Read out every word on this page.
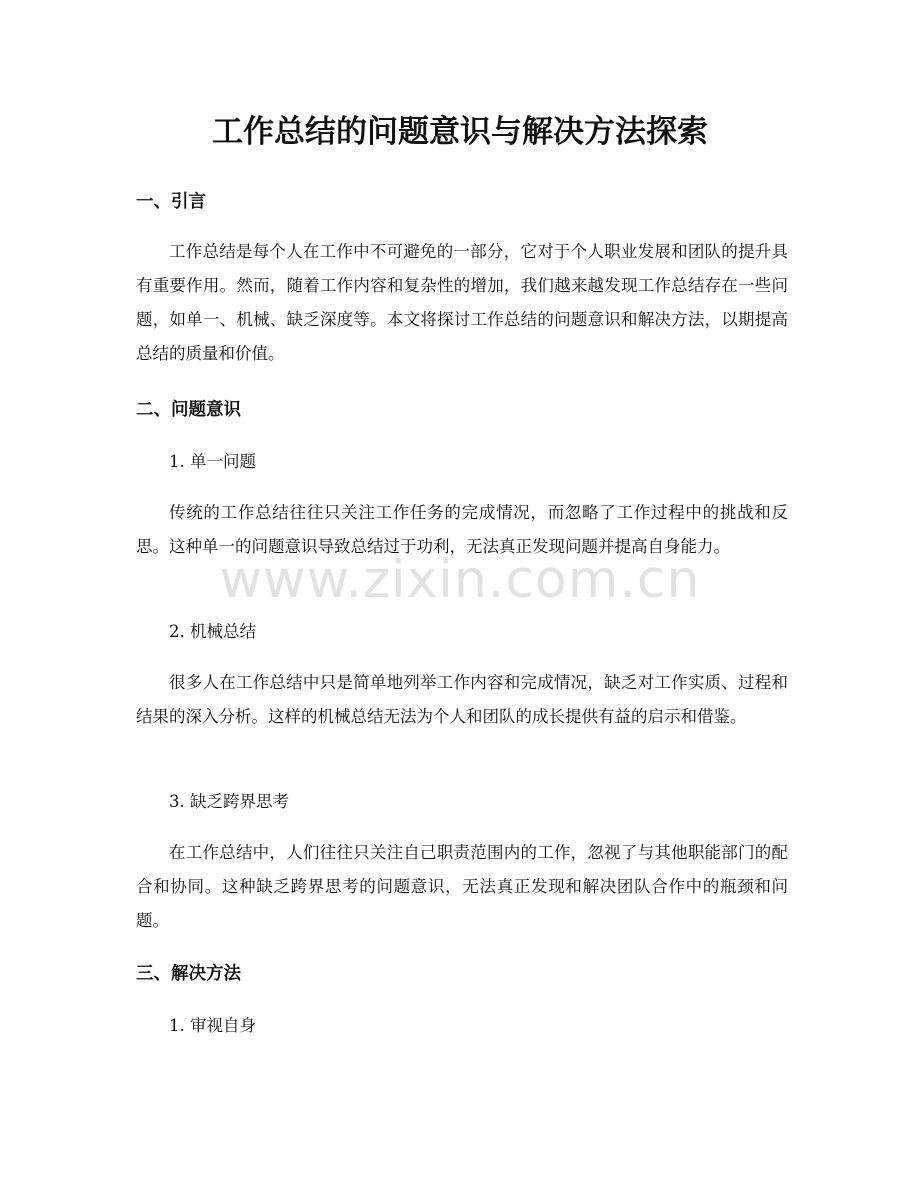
工作总结的问题意识与解决方法探索
一、引言

工作总结是每个人在工作中不可避免的一部分，它对于个人职业发展和团队的提升具有重要作用。然而，随着工作内容和复杂性的增加，我们越来越发现工作总结存在一些问题，如单一、机械、缺乏深度等。本文将探讨工作总结的问题意识和解决方法，以期提高总结的质量和价值。

二、问题意识

1. 单一问题

传统的工作总结往往只关注工作任务的完成情况，而忽略了工作过程中的挑战和反思。这种单一的问题意识导致总结过于功利，无法真正发现问题并提高自身能力。

2. 机械总结

很多人在工作总结中只是简单地列举工作内容和完成情况，缺乏对工作实质、过程和结果的深入分析。这样的机械总结无法为个人和团队的成长提供有益的启示和借鉴。

3. 缺乏跨界思考

在工作总结中，人们往往只关注自己职责范围内的工作，忽视了与其他职能部门的配合和协同。这种缺乏跨界思考的问题意识，无法真正发现和解决团队合作中的瓶颈和问题。

三、解决方法

1. 审视自身

www.zixin.com.cn
